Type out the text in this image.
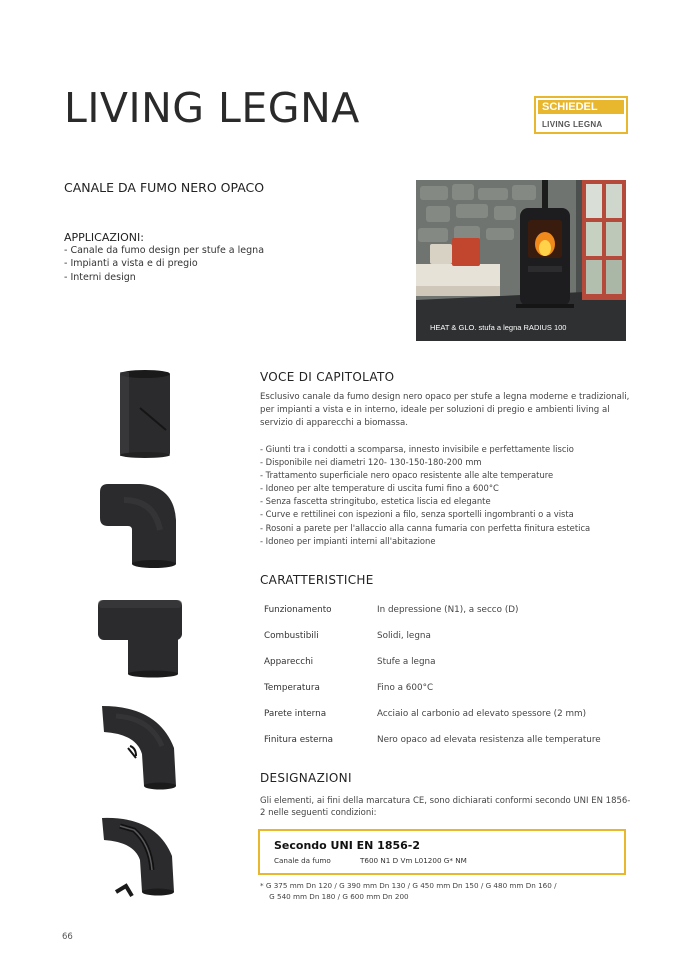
LIVING LEGNA	SCHIEDEL
LIVING LEGNA
CANALE DA FUMO NERO OPACO
APPLICAZIONI:
- Canale da fumo design per stufe a legna
- Impianti a vista e di pregio
- Interni design
HEAT & GLO. stufa a legna RADIUS 100
VOCE DI CAPITOLATO
Esclusivo canale da fumo design nero opaco per stufe a legna moderne e tradizionali, per impianti a vista e in interno, ideale per soluzioni di pregio e ambienti living al servizio di apparecchi a biomassa.
- Giunti tra i condotti a scomparsa, innesto invisibile e perfettamente liscio
- Disponibile nei diametri 120- 130-150-180-200 mm
- Trattamento superficiale nero opaco resistente alle alte temperature
- Idoneo per alte temperature di uscita fumi fino a 600°C
- Senza fascetta stringitubo, estetica liscia ed elegante
- Curve e rettilinei con ispezioni a filo, senza sportelli ingombranti o a vista
- Rosoni a parete per l'allaccio alla canna fumaria con perfetta finitura estetica
- Idoneo per impianti interni all'abitazione
CARATTERISTICHE
Funzionamento	In depressione (N1), a secco (D)
Combustibili	Solidi, legna
Apparecchi	Stufe a legna
Temperatura	Fino a 600°C
Parete interna	Acciaio al carbonio ad elevato spessore (2 mm)
Finitura esterna	Nero opaco ad elevata resistenza alle temperature
DESIGNAZIONI
Gli elementi, ai fini della marcatura CE, sono dichiarati conformi secondo UNI EN 1856-2 nelle seguenti condizioni:
Secondo UNI EN 1856-2
Canale da fumo	T600 N1 D Vm L01200 G* NM
* G 375 mm Dn 120 / G 390 mm Dn 130 / G 450 mm Dn 150 / G 480 mm Dn 160 /
G 540 mm Dn 180 / G 600 mm Dn 200
66
